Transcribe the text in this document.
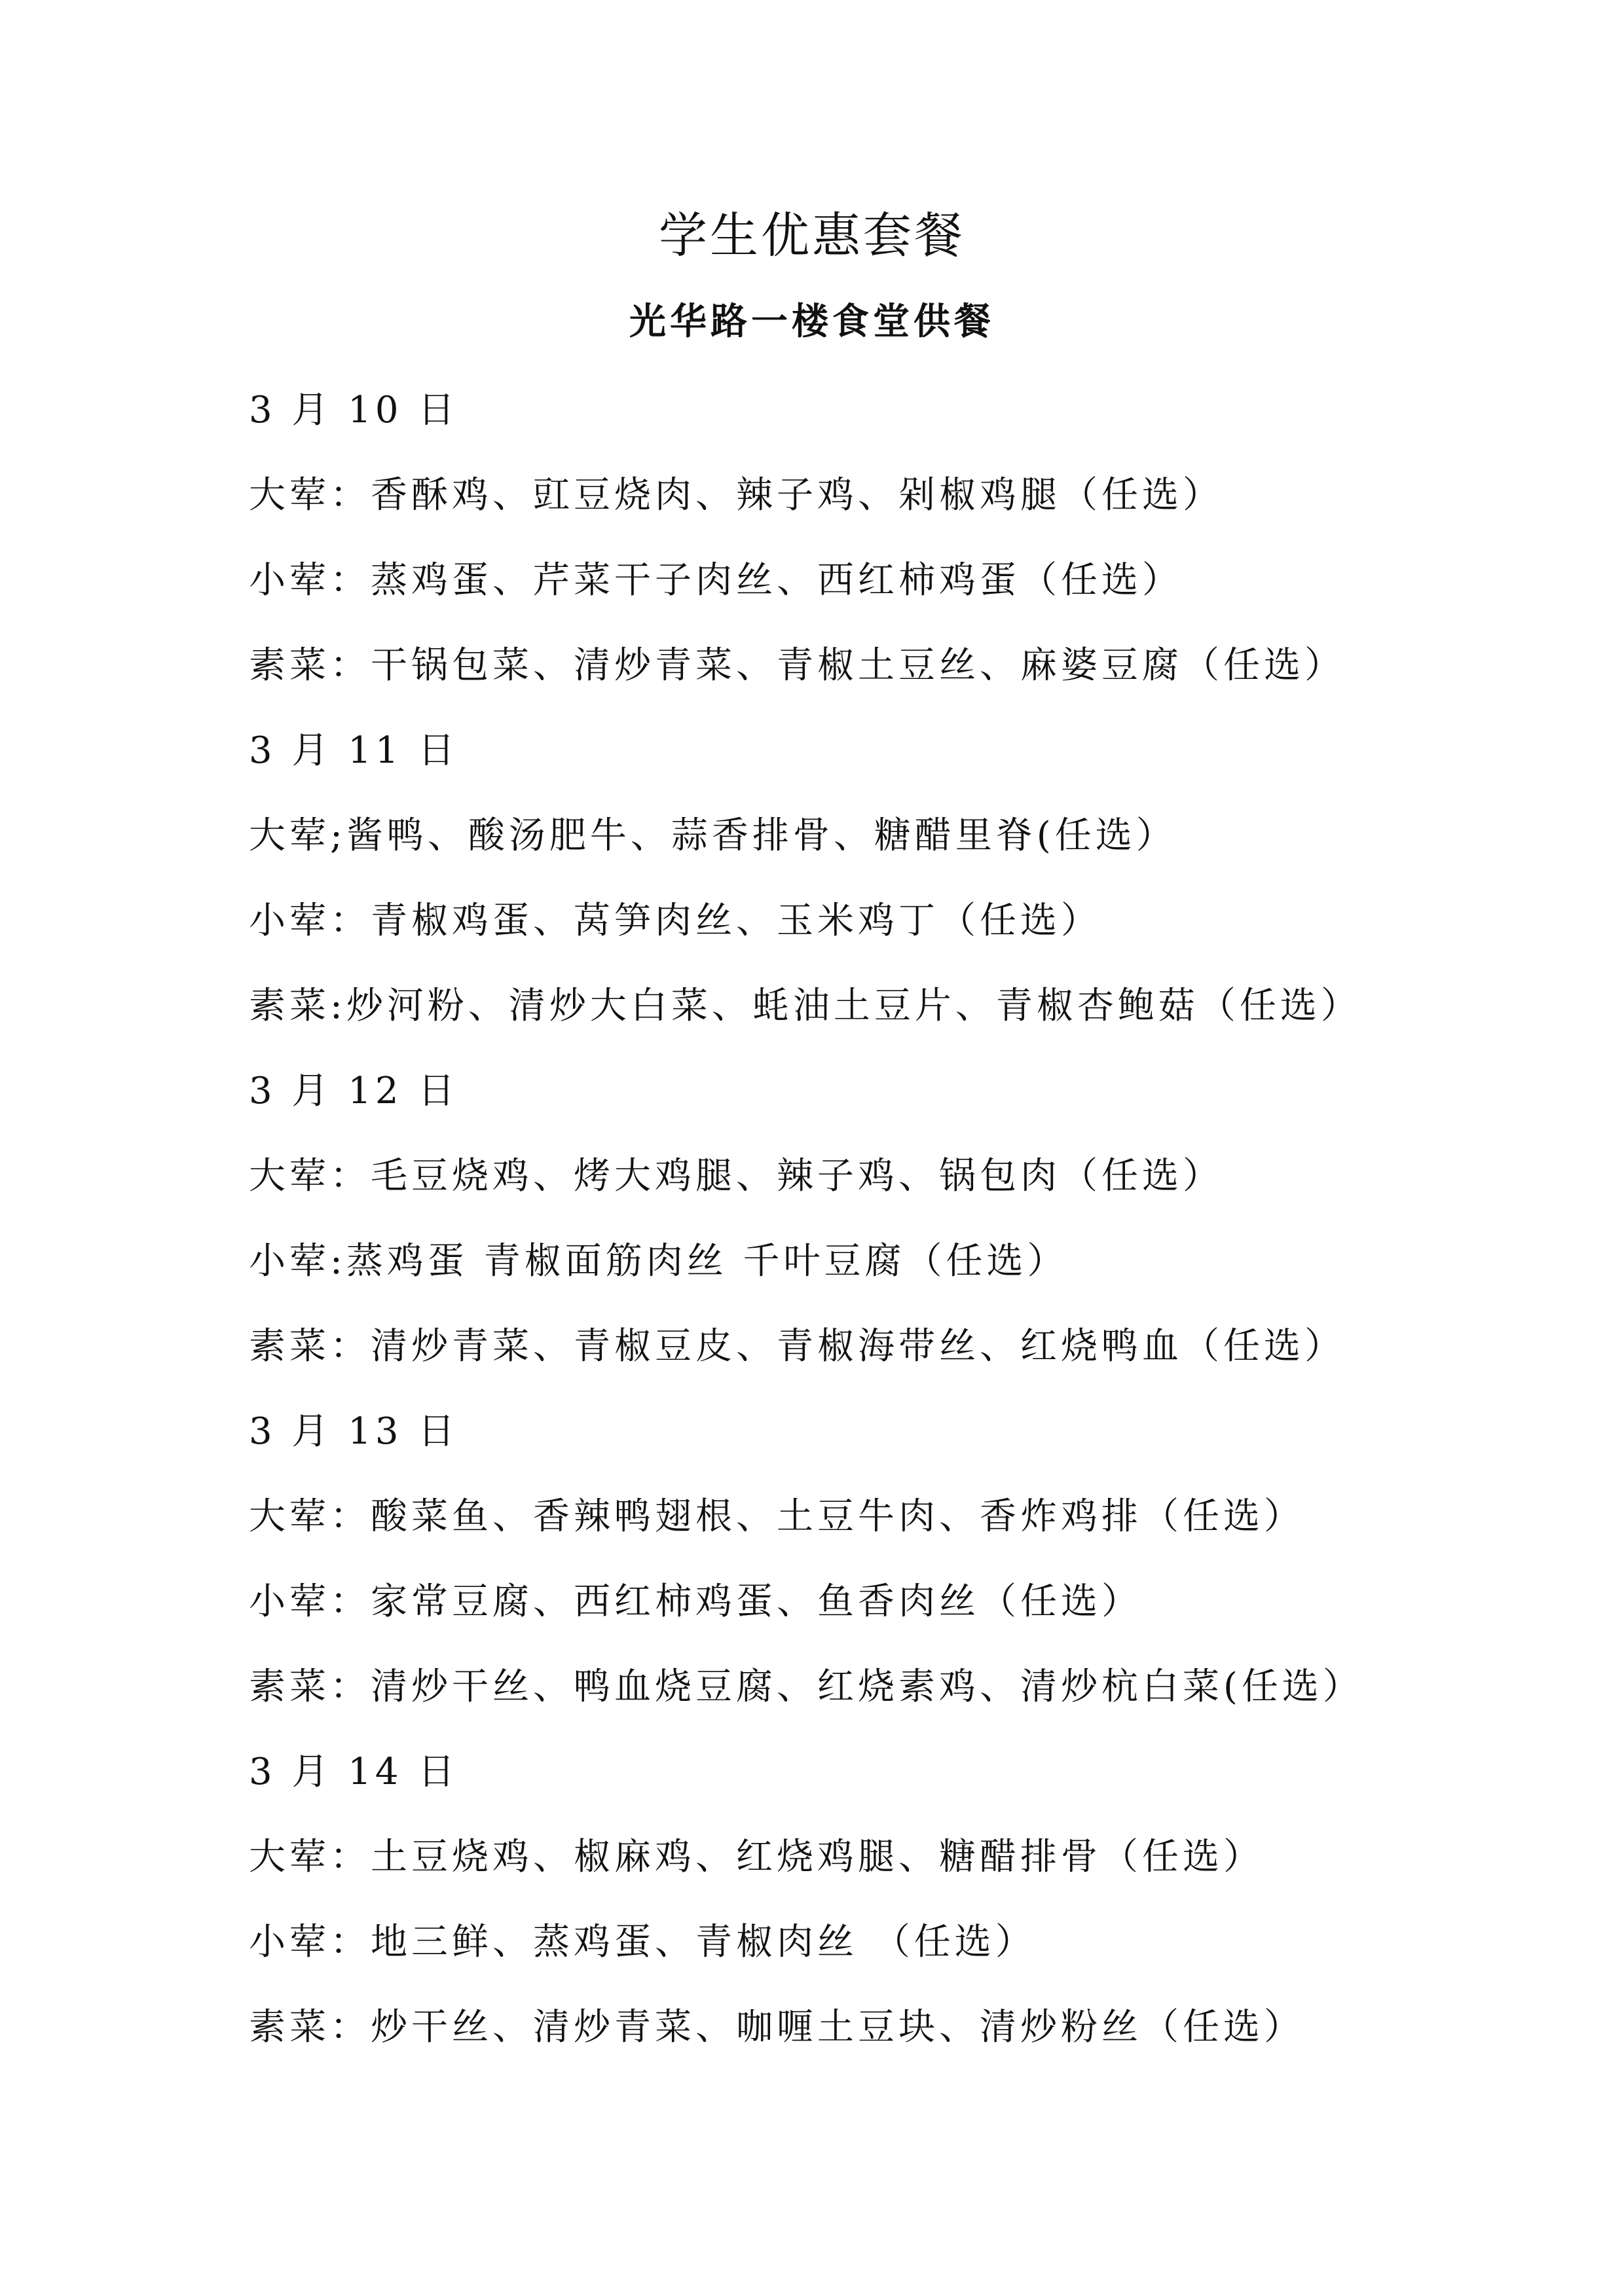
学生优惠套餐
光华路一楼食堂供餐
3 月 10 日
大荤：香酥鸡、豇豆烧肉、辣子鸡、剁椒鸡腿（任选）
小荤：蒸鸡蛋、芹菜干子肉丝、西红柿鸡蛋（任选）
素菜：干锅包菜、清炒青菜、青椒土豆丝、麻婆豆腐（任选）
3 月 11 日
大荤;酱鸭、酸汤肥牛、蒜香排骨、糖醋里脊(任选）
小荤：青椒鸡蛋、莴笋肉丝、玉米鸡丁（任选）
素菜:炒河粉、清炒大白菜、蚝油土豆片、青椒杏鲍菇（任选）
3 月 12 日
大荤：毛豆烧鸡、烤大鸡腿、辣子鸡、锅包肉（任选）
小荤:蒸鸡蛋 青椒面筋肉丝 千叶豆腐（任选）
素菜：清炒青菜、青椒豆皮、青椒海带丝、红烧鸭血（任选）
3 月 13 日
大荤：酸菜鱼、香辣鸭翅根、土豆牛肉、香炸鸡排（任选）
小荤：家常豆腐、西红柿鸡蛋、鱼香肉丝（任选）
素菜：清炒干丝、鸭血烧豆腐、红烧素鸡、清炒杭白菜(任选）
3 月 14 日
大荤：土豆烧鸡、椒麻鸡、红烧鸡腿、糖醋排骨（任选）
小荤：地三鲜、蒸鸡蛋、青椒肉丝 （任选）
素菜：炒干丝、清炒青菜、咖喱土豆块、清炒粉丝（任选）
